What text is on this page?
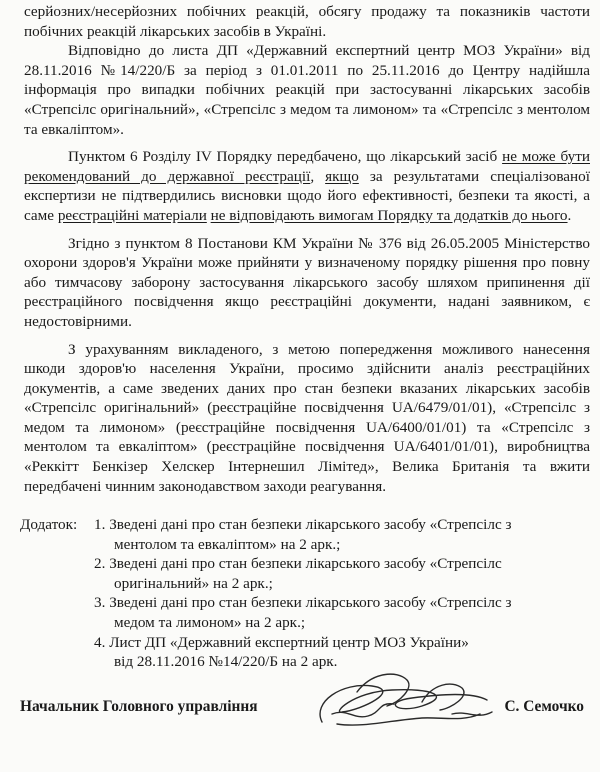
серйозних/несерйозних побічних реакцій, обсягу продажу та показників частоти побічних реакцій лікарських засобів в Україні.

Відповідно до листа ДП «Державний експертний центр МОЗ України» від 28.11.2016 №14/220/Б за період з 01.01.2011 по 25.11.2016 до Центру надійшла інформація про випадки побічних реакцій при застосуванні лікарських засобів «Стрепсілс оригінальний», «Стрепсілс з медом та лимоном» та «Стрепсілс з ментолом та евкаліптом».

Пунктом 6 Розділу IV Порядку передбачено, що лікарський засіб не може бути рекомендований до державної реєстрації, якщо за результатами спеціалізованої експертизи не підтвердились висновки щодо його ефективності, безпеки та якості, а саме реєстраційні матеріали не відповідають вимогам Порядку та додатків до нього.

Згідно з пунктом 8 Постанови КМ України № 376 від 26.05.2005 Міністерство охорони здоров'я України може прийняти у визначеному порядку рішення про повну або тимчасову заборону застосування лікарського засобу шляхом припинення дії реєстраційного посвідчення якщо реєстраційні документи, надані заявником, є недостовірними.

З урахуванням викладеного, з метою попередження можливого нанесення шкоди здоров'ю населення України, просимо здійснити аналіз реєстраційних документів, а саме зведених даних про стан безпеки вказаних лікарських засобів «Стрепсілс оригінальний» (реєстраційне посвідчення UA/6479/01/01), «Стрепсілс з медом та лимоном» (реєстраційне посвідчення UA/6400/01/01) та «Стрепсілс з ментолом та евкаліптом» (реєстраційне посвідчення UA/6401/01/01), виробництва «Реккітт Бенкізер Хелскер Інтернешил Лімітед», Велика Британія та вжити передбачені чинним законодавством заходи реагування.

Додаток:	1. Зведені дані про стан безпеки лікарського засобу «Стрепсілс з
ментолом та евкаліптом» на 2 арк.;
2. Зведені дані про стан безпеки лікарського засобу «Стрепсілс
оригінальний» на 2 арк.;
3. Зведені дані про стан безпеки лікарського засобу «Стрепсілс з
медом та лимоном» на 2 арк.;
4. Лист ДП «Державний експертний центр МОЗ України»
від 28.11.2016 №14/220/Б на 2 арк.
Начальник Головного управління	С. Семочко
